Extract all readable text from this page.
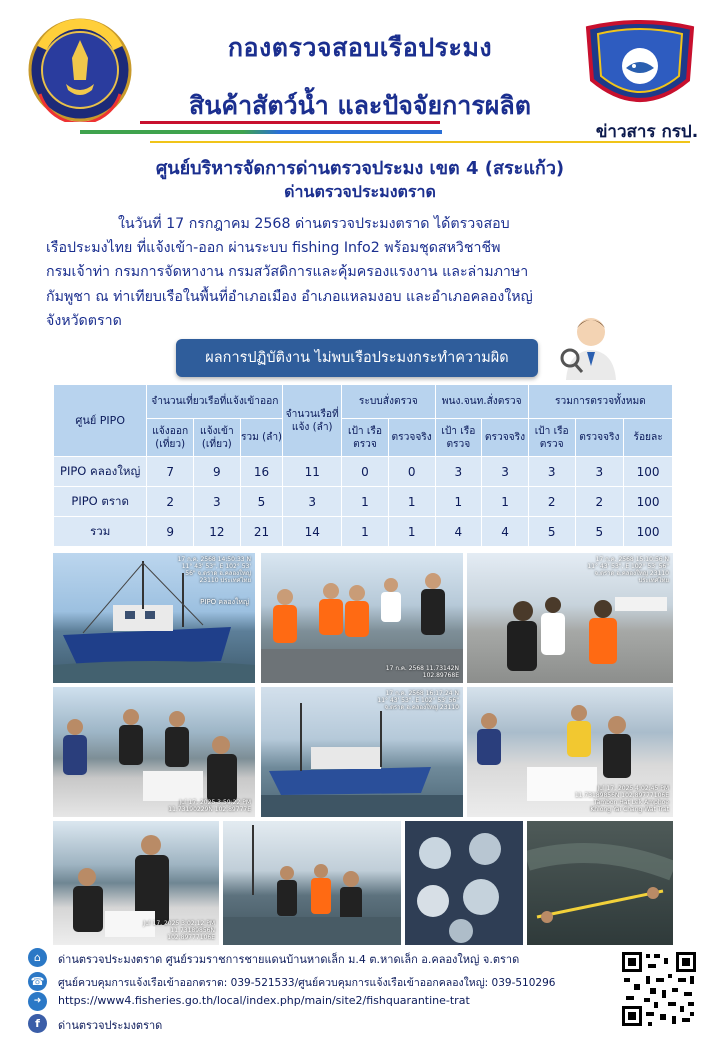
กองตรวจสอบเรือประมง
สินค้าสัตว์น้ำ และปัจจัยการผลิต
ข่าวสาร กรป.
ศูนย์บริหารจัดการด่านตรวจประมง เขต 4 (สระแก้ว)
ด่านตรวจประมงตราด
ในวันที่ 17 กรกฎาคม 2568 ด่านตรวจประมงตราด ได้ตรวจสอบ
เรือประมงไทย ที่แจ้งเข้า-ออก ผ่านระบบ fishing Info2 พร้อมชุดสหวิชาชีพ
กรมเจ้าท่า กรมการจัดหางาน กรมสวัสดิการและคุ้มครองแรงงาน และล่ามภาษา
กัมพูชา ณ ท่าเทียบเรือในพื้นที่อำเภอเมือง อำเภอแหลมงอบ และอำเภอคลองใหญ่
จังหวัดตราด
ผลการปฏิบัติงาน ไม่พบเรือประมงกระทำความผิด
ศูนย์ PIPO	จำนวนเที่ยวเรือที่แจ้งเข้าออก			จำนวนเรือที่แจ้ง (ลำ)	ระบบสั่งตรวจ		พนง.จนท.สั่งตรวจ		รวมการตรวจทั้งหมด		
	แจ้งออก (เที่ยว)	แจ้งเข้า (เที่ยว)	รวม (ลำ)		เป้า เรือตรวจ	ตรวจจริง	เป้า เรือตรวจ	ตรวจจริง	เป้า เรือตรวจ	ตรวจจริง	ร้อยละ
PIPO คลองใหญ่	7	9	16	11	0	0	3	3	3	3	100
PIPO ตราด	2	3	5	3	1	1	1	1	2	2	100
รวม	9	12	21	14	1	1	4	4	5	5	100
17 ก.ค. 2568 14:50:33 N 11° 43' 53", E 102° 53' 56" จ.ตราด อ.คลองใหญ่ 23110 ประเทศไทย
PIPO คลองใหญ่
17 ก.ค. 2568 11.73142N 102.89768E
17 ก.ค. 2568 15:10:56 N 11° 43' 53", E 102° 53' 56" จ.ตราด อ.คลองใหญ่ 23110 ประเทศไทย
Jul 17, 2025 3:59:22 PM 11.73190229N 102.89777E
17 ก.ค. 2568 16:17:24 N 11° 43' 53", E 102° 53' 56" จ.ตราด อ.คลองใหญ่ 23110
Jul 17, 2025 4:02:45 PM 11.73189856N 102.89777106E Tambon Hat Lek Amphoe Khlong Yai Chang Wat Trat
Jul 17, 2025 3:02:12 PM 11.73189856N 102.89777106E
⌂	ด่านตรวจประมงตราด ศูนย์รวมราชการชายแดนบ้านหาดเล็ก ม.4 ต.หาดเล็ก อ.คลองใหญ่ จ.ตราด
☎ ศูนย์ควบคุมการแจ้งเรือเข้าออกตราด: 039-521533/ศูนย์ควบคุมการแจ้งเรือเข้าออกคลองใหญ่: 039-510296
➜	https://www4.fisheries.go.th/local/index.php/main/site2/fishquarantine-trat
f	ด่านตรวจประมงตราด
